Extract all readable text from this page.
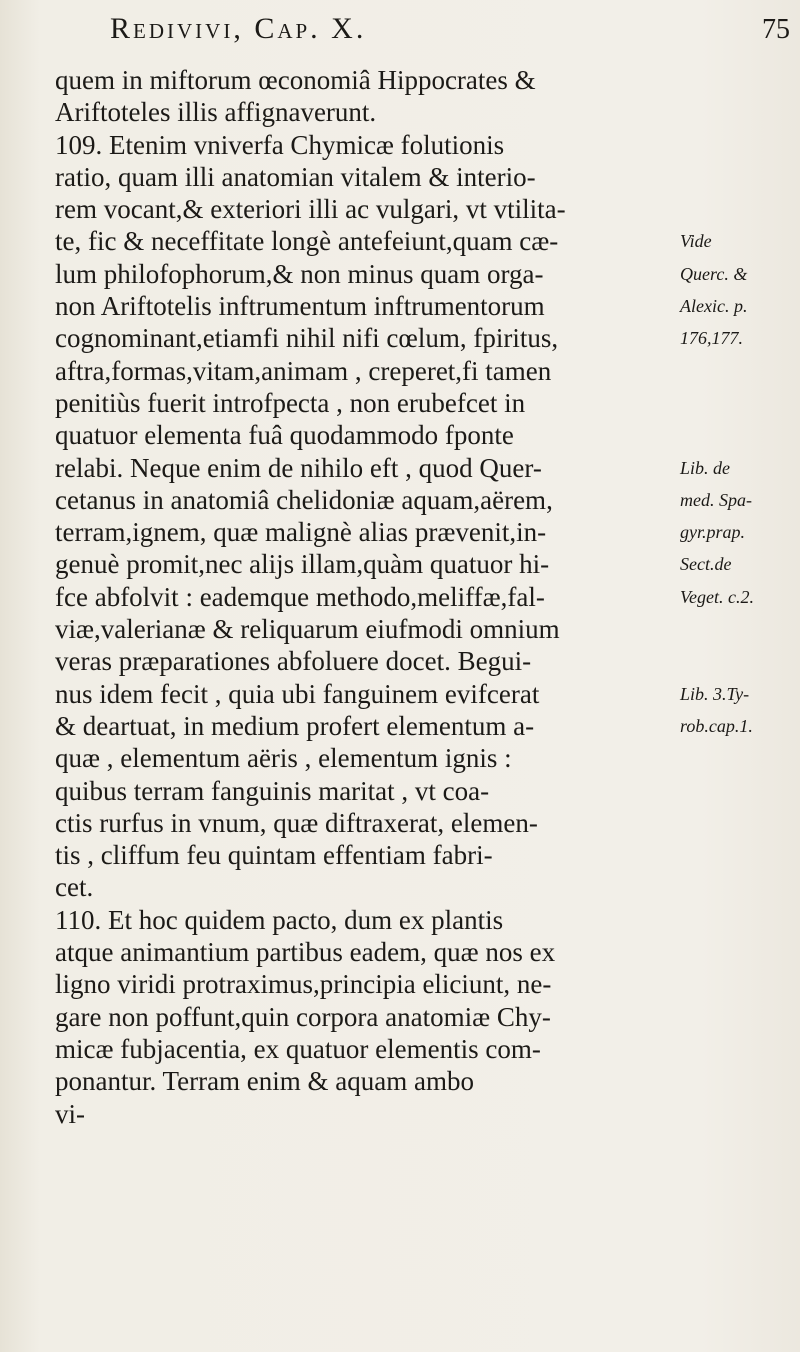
Redivivi, Cap. X.	75
quem in miftorum œconomiâ Hippocrates &
Ariftoteles illis affignaverunt.
109. Etenim vniverfa Chymicæ folutionis
ratio, quam illi anatomian vitalem & interio-
rem vocant,& exteriori illi ac vulgari, vt vtilita-
te, fic & neceffitate longè antefeiunt,quam cæ-
lum philofophorum,& non minus quam orga-
non Ariftotelis inftrumentum inftrumentorum
cognominant,etiamfi nihil nifi cœlum, fpiritus,
aftra,formas,vitam,animam , creperet,fi tamen
penitiùs fuerit introfpecta , non erubefcet in
quatuor elementa fuâ quodammodo fponte
relabi. Neque enim de nihilo eft , quod Quer-
cetanus in anatomiâ chelidoniæ aquam,aërem,
terram,ignem, quæ malignè alias prævenit,in-
genuè promit,nec alijs illam,quàm quatuor hi-
fce abfolvit : eademque methodo,meliffæ,fal-
viæ,valerianæ & reliquarum eiufmodi omnium
veras præparationes abfoluere docet. Begui-
nus idem fecit , quia ubi fanguinem evifcerat
& deartuat, in medium profert elementum a-
quæ , elementum aëris , elementum ignis :
quibus terram fanguinis maritat , vt coa-
ctis rurfus in vnum, quæ diftraxerat, elemen-
tis , cliffum feu quintam effentiam fabri-
cet.
110. Et hoc quidem pacto, dum ex plantis
atque animantium partibus eadem, quæ nos ex
ligno viridi protraximus,principia eliciunt, ne-
gare non poffunt,quin corpora anatomiæ Chy-
micæ fubjacentia, ex quatuor elementis com-
ponantur. Terram enim & aquam ambo
vi-
Vide
Querc. &
Alexic. p.
176,177.
Lib. de
med. Spa-
gyr.prap.
Sect.de
Veget. c.2.
Lib. 3.Ty-
rob.cap.1.
